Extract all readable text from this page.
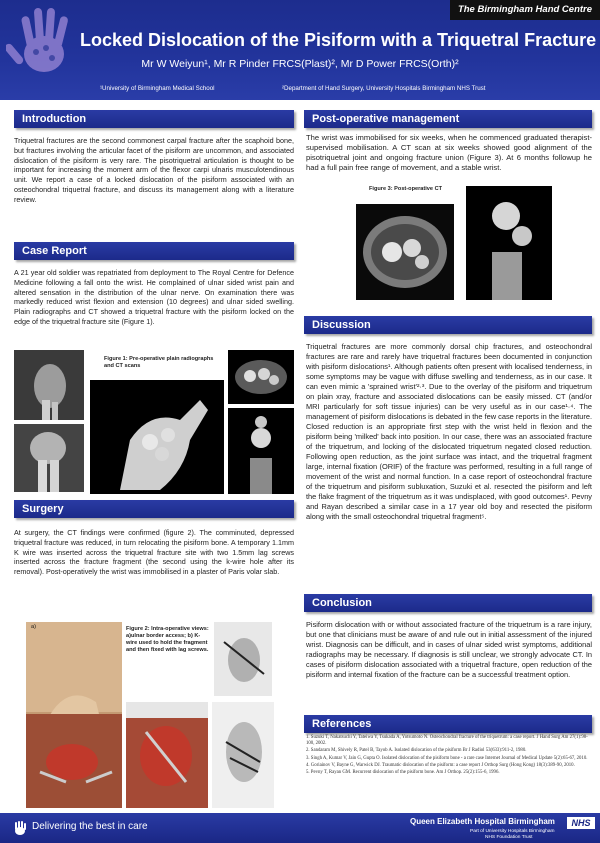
The Birmingham Hand Centre
Locked Dislocation of the Pisiform with a Triquetral Fracture
Mr W Weiyun¹, Mr R Pinder FRCS(Plast)², Mr D Power FRCS(Orth)²
¹University of Birmingham Medical School	²Department of Hand Surgery, University Hospitals Birmingham NHS Trust
Introduction

Triquetral fractures are the second commonest carpal fracture after the scaphoid bone, but fractures involving the articular facet of the pisiform are uncommon, and associated dislocation of the pisiform is very rare. The pisotriquetral articulation is thought to be important for increasing the moment arm of the flexor carpi ulnaris musculotendinous unit. We report a case of a locked dislocation of the pisiform associated with an osteochondral triquetral fracture, and discuss its management along with a literature review.

Case Report

A 21 year old soldier was repatriated from deployment to The Royal Centre for Defence Medicine following a fall onto the wrist. He complained of ulnar sided wrist pain and altered sensation in the distribution of the ulnar nerve. On examination there was markedly reduced wrist flexion and extension (10 degrees) and ulnar sided swelling. Plain radiographs and CT showed a triquetral fracture with the pisiform locked on the edge of the triquetral fracture site (Figure 1).

Figure 1: Pre-operative plain radiographs and CT scans
Surgery

At surgery, the CT findings were confirmed (figure 2). The comminuted, depressed triquetral fracture was reduced, in turn relocating the pisiform bone. A temporary 1.1mm K wire was inserted across the triquetral fracture site with two 1.5mm lag screws inserted across the fracture fragment (the second using the k-wire hole after its removal). Post-operatively the wrist was immobilised in a plaster of Paris volar slab.

a)	Figure 2: Intra-operative views: a)ulnar border access; b) K-wire used to hold the fragment and then fixed with lag screws.
Post-operative management

The wrist was immobilised for six weeks, when he commenced graduated therapist-supervised mobilisation. A CT scan at six weeks showed good alignment of the pisotriquetral joint and ongoing fracture union (Figure 3). At 6 months followup he had a full pain free range of movement, and a stable wrist.

Figure 3: Post-operative CT
Discussion

Triquetral fractures are more commonly dorsal chip fractures, and osteochondral fractures are rare and rarely have triquetral fractures been documented in conjunction with pisiform dislocations¹. Although patients often present with localised tenderness, in some symptoms may be vague with diffuse swelling and tenderness, as in our case. It can even mimic a 'sprained wrist'²·³. Due to the overlay of the pisiform and triquetrum on plain xray, fracture and associated dislocations can be easily missed. CT (and/or MRI particularly for soft tissue injuries) can be very useful as in our case¹·⁴. The management of pisiform dislocations is debated in the few case reports in the literature. Closed reduction is an appropriate first step with the wrist held in flexion and the pisiform being 'milked' back into position. In our case, there was an associated fracture of the triquetrum, and locking of the dislocated triquetrum negated closed reduction. Following open reduction, as the joint surface was intact, and the triquetral fragment large, internal fixation (ORIF) of the fracture was performed, resulting in a full range of movement of the wrist and normal function. In a case report of osteochondral fracture of the triquetrum and pisiform subluxation, Suzuki et al. resected the pisiform and left the flake fragment of the triquetrum as it was undisplaced, with good outcomes¹. Pevny and Rayan described a similar case in a 17 year old boy and resected the pisiform along with the small osteochondral triquetral fragment⁵.

Conclusion

Pisiform dislocation with or without associated fracture of the triquetrum is a rare injury, but one that clinicians must be aware of and rule out in initial assessment of the injured wrist. Diagnosis can be difficult, and in cases of ulnar sided wrist symptoms, additional radiographs may be necessary. If diagnosis is still unclear, we strongly advocate CT. In cases of pisiform dislocation associated with a triquetral fracture, open reduction of the pisiform and internal fixation of the fracture can be a successful treatment option.

References

1. Suzuki T, Nakatsuchi Y, Tateiwa Y, Tsukada A, Yotsumoto N. Osteochondral fracture of the triquetrum: a case report. J Hand Surg Am 27(1):98-100, 2002.

2. Sandaram M, Shively R, Patel B, Tayob A. Isolated dislocation of the pisiform Br J Radiol 53(633):911-2, 1980.

3. Singh A, Kumar V, Jain G, Gupta O. Isolated dislocation of the pisiform bone - a rare case Internet Journal of Medical Update 5(2):65-67, 2010.

4. Goriainov V, Bayne G, Warwick DJ. Traumatic dislocation of the pisiform: a case report J Orthop Surg (Hong Kong) 18(3):389-90, 2010.

5. Pevny T, Rayan GM. Recurrent dislocation of the pisiform bone. Am J Orthop. 25(2):155-6, 1996.

Delivering the best in care	Queen Elizabeth Hospital Birmingham	NHS
Part of University Hospitals Birmingham
NHS Foundation Trust
